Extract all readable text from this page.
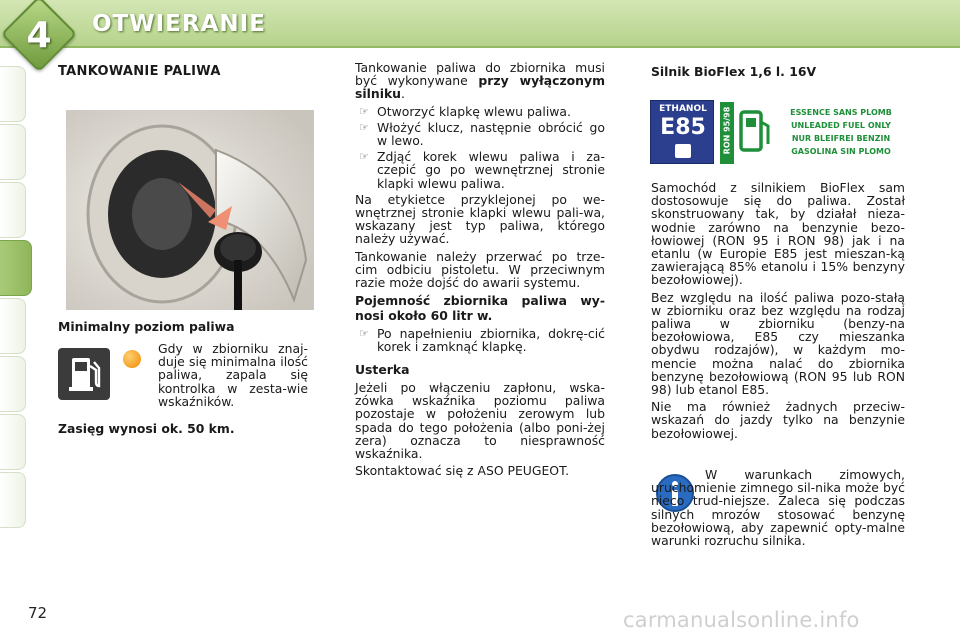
4	OTWIERANIE
TANKOWANIE PALIWA
Minimalny poziom paliwa

Gdy w zbiorniku znaj-duje się minimalna ilość paliwa, zapala się kontrolka w zesta-wie wskaźników.

Zasięg wynosi ok. 50 km.

Tankowanie paliwa do zbiornika musi być wykonywane przy wyłączonym silniku.

☞ Otworzyć klapkę wlewu paliwa.
☞ Włożyć klucz, następnie obrócić go w lewo.
☞ Zdjąć korek wlewu paliwa i za-czepić go po wewnętrznej stronie klapki wlewu paliwa.

Na etykietce przyklejonej po we-wnętrznej stronie klapki wlewu pali-wa, wskazany jest typ paliwa, którego należy używać.

Tankowanie należy przerwać po trze-cim odbiciu pistoletu. W przeciwnym razie może dojść do awarii systemu.

Pojemność zbiornika paliwa wy-nosi około 60 litr w.

☞ Po napełnieniu zbiornika, dokrę-cić korek i zamknąć klapkę.

Usterka

Jeżeli po włączeniu zapłonu, wska-zówka wskaźnika poziomu paliwa pozostaje w położeniu zerowym lub spada do tego położenia (albo poni-żej zera) oznacza to niesprawność wskaźnika.

Skontaktować się z ASO PEUGEOT.

Silnik BioFlex 1,6 l. 16V
ETHANOL
E85	RON 95/98	ESSENCE SANS PLOMB
UNLEADED FUEL ONLY
NUR BLEIFREI BENZIN
GASOLINA SIN PLOMO

Samochód z silnikiem BioFlex sam dostosowuje się do paliwa. Został skonstruowany tak, by działał nieza-wodnie zarówno na benzynie bezo-łowiowej (RON 95 i RON 98) jak i na etanlu (w Europie E85 jest mieszan-ką zawierającą 85% etanolu i 15% benzyny bezołowiowej).

Bez względu na ilość paliwa pozo-stałą w zbiorniku oraz bez względu na rodzaj paliwa w zbiorniku (benzy-na bezołowiowa, E85 czy mieszanka obydwu rodzajów), w każdym mo-mencie można nalać do zbiornika benzynę bezołowiową (RON 95 lub RON 98) lub etanol E85.

Nie ma również żadnych przeciw-wskazań do jazdy tylko na benzynie bezołowiowej.

W warunkach zimowych, uruchomienie zimnego sil-nika może być nieco trud-niejsze. Zaleca się podczas silnych mrozów stosować benzynę bezołowiową, aby zapewnić opty-malne warunki rozruchu silnika.

72	carmanualsonline.info
